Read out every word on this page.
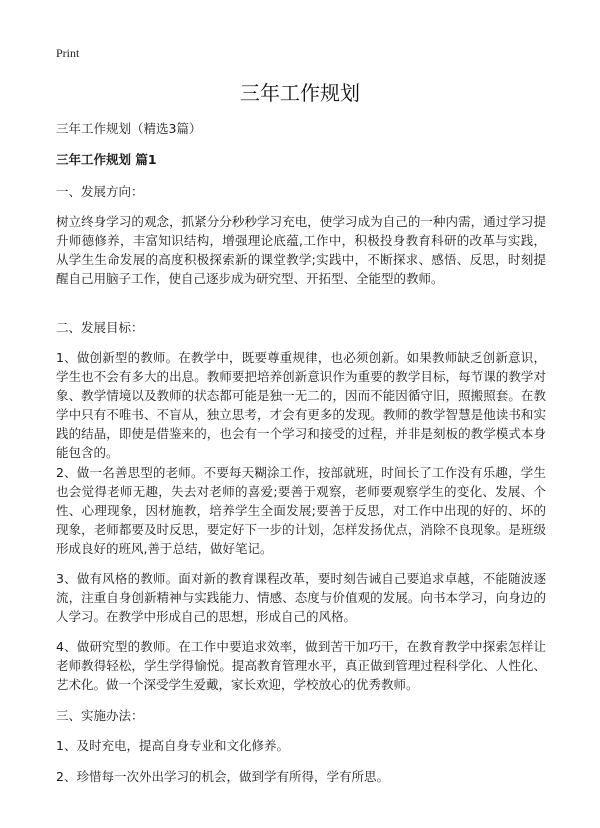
Print
三年工作规划

三年工作规划（精选3篇）

三年工作规划 篇1

一、发展方向：

树立终身学习的观念，抓紧分分秒秒学习充电，使学习成为自己的一种内需，通过学习提升师德修养，丰富知识结构，增强理论底蕴,工作中，积极投身教育科研的改革与实践，从学生生命发展的高度积极探索新的课堂教学;实践中，不断探求、感悟、反思，时刻提醒自己用脑子工作，使自己逐步成为研究型、开拓型、全能型的教师。

二、发展目标：

1、做创新型的教师。在教学中，既要尊重规律，也必须创新。如果教师缺乏创新意识，学生也不会有多大的出息。教师要把培养创新意识作为重要的教学目标，每节课的教学对象、教学情境以及教师的状态都可能是独一无二的，因而不能因循守旧，照搬照套。在教学中只有不唯书、不盲从，独立思考，才会有更多的发现。教师的教学智慧是他读书和实践的结晶，即使是借鉴来的，也会有一个学习和接受的过程，并非是刻板的教学模式本身能包含的。

2、做一名善思型的老师。不要每天糊涂工作，按部就班，时间长了工作没有乐趣，学生也会觉得老师无趣，失去对老师的喜爱;要善于观察，老师要观察学生的变化、发展、个性、心理现象，因材施教，培养学生全面发展;要善于反思，对工作中出现的好的、坏的现象，老师都要及时反思，要定好下一步的计划，怎样发扬优点，消除不良现象。是班级形成良好的班风,善于总结，做好笔记。

3、做有风格的教师。面对新的教育课程改革，要时刻告诫自己要追求卓越，不能随波逐流，注重自身创新精神与实践能力、情感、态度与价值观的发展。向书本学习，向身边的人学习。在教学中形成自己的思想，形成自己的风格。

4、做研究型的教师。在工作中要追求效率，做到苦干加巧干，在教育教学中探索怎样让老师教得轻松，学生学得愉悦。提高教育管理水平，真正做到管理过程科学化、人性化、艺术化。做一个深受学生爱戴，家长欢迎，学校放心的优秀教师。

三、实施办法：

1、及时充电，提高自身专业和文化修养。

2、珍惜每一次外出学习的机会，做到学有所得，学有所思。
